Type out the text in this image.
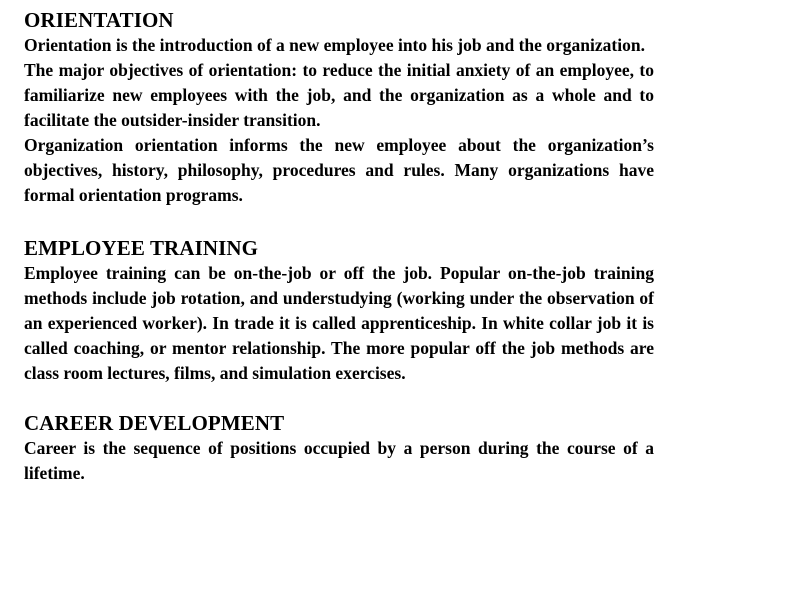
ORIENTATION

Orientation is the introduction of a new employee into his job and the organization.

The major objectives of orientation: to reduce the initial anxiety of an employee, to familiarize new employees with the job, and the organization as a whole and to facilitate the outsider-insider transition.

Organization orientation informs the new employee about the organization’s objectives, history, philosophy, procedures and rules. Many organizations have formal orientation programs.

EMPLOYEE TRAINING

Employee training can be on-the-job or off the job. Popular on-the-job training methods include job rotation, and understudying (working under the observation of an experienced worker). In trade it is called apprenticeship. In white collar job it is called coaching, or mentor relationship. The more popular off the job methods are class room lectures, films, and simulation exercises.

CAREER DEVELOPMENT

Career is the sequence of positions occupied by a person during the course of a lifetime.
